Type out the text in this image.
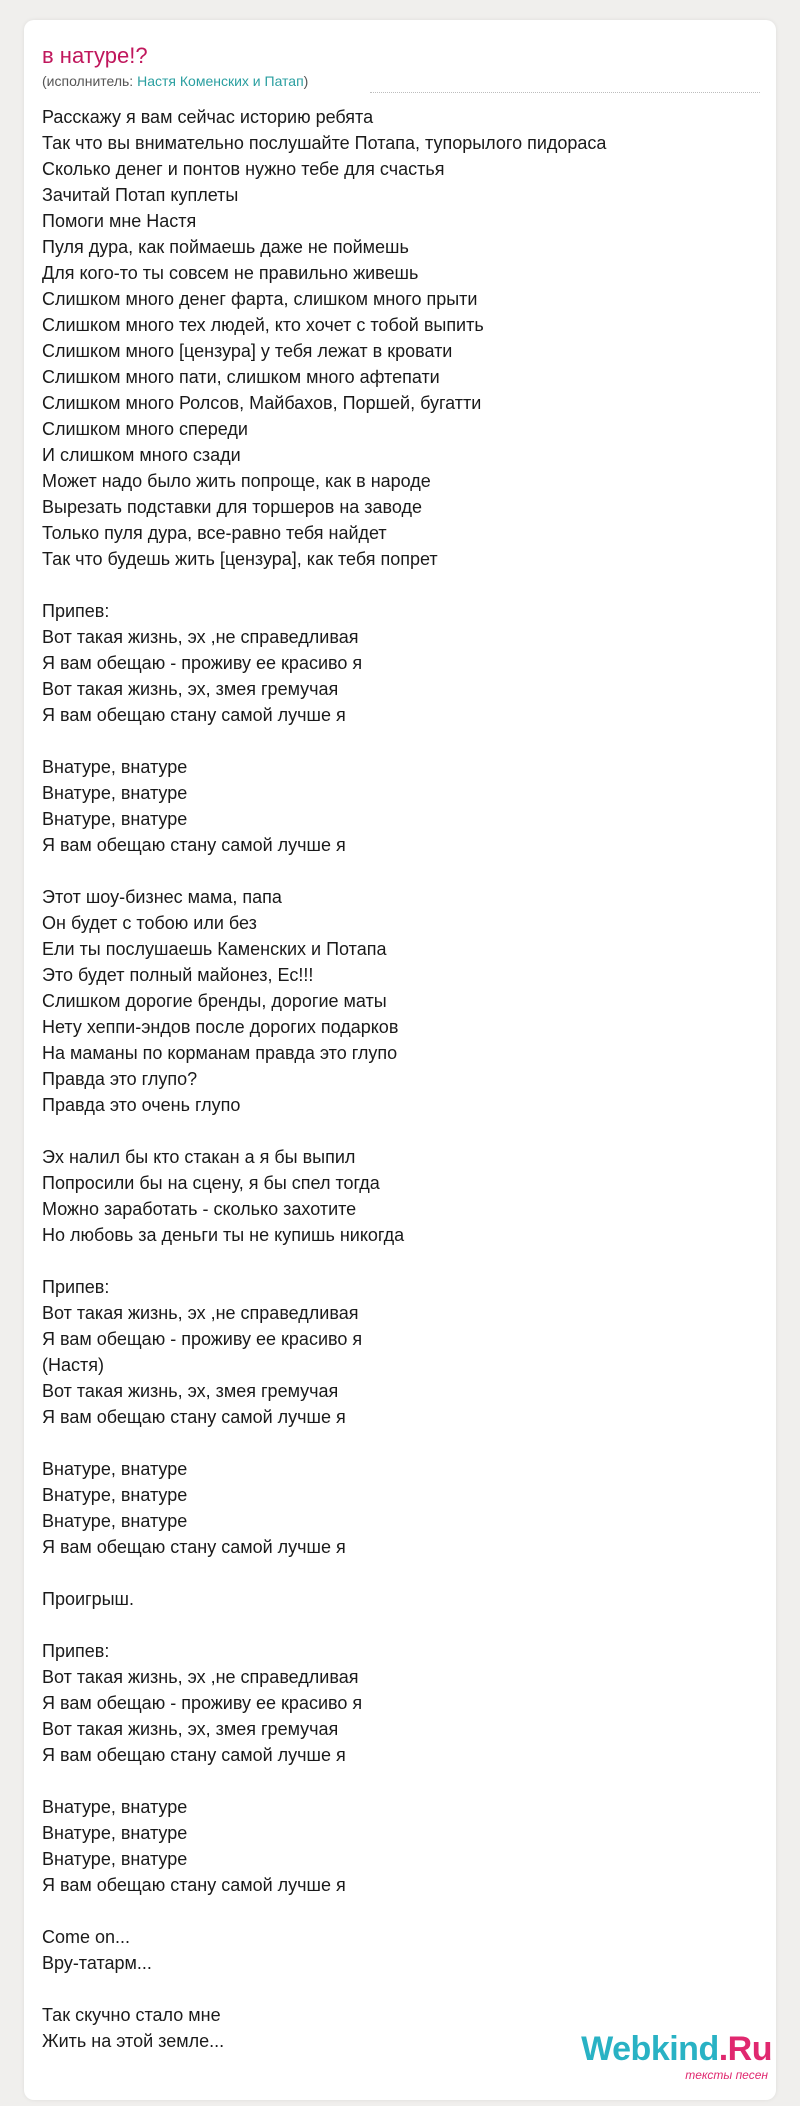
в натуре!?
(исполнитель: Настя Коменских и Патап)
Расскажу я вам сейчас историю ребята
Так что вы внимательно послушайте Потапа, тупорылого пидораса
Сколько денег и понтов нужно тебе для счастья
Зачитай Потап куплеты
Помоги мне Настя
Пуля дура, как поймаешь даже не поймешь
Для кого-то ты совсем не правильно живешь
Слишком много денег фарта, слишком много прыти
Слишком много тех людей, кто хочет с тобой выпить
Слишком много [цензура] у тебя лежат в кровати
Слишком много пати, слишком много афтепати
Слишком много Ролсов, Майбахов, Поршей, бугатти
Слишком много спереди
И слишком много сзади
Может надо было жить попроще, как в народе
Вырезать подставки для торшеров на заводе
Только пуля дура, все-равно тебя найдет
Так что будешь жить [цензура], как тебя попрет
Припев:
Вот такая жизнь, эх ,не справедливая
Я вам обещаю - проживу ее красиво я
Вот такая жизнь, эх, змея гремучая
Я вам обещаю стану самой лучше я
Внатуре, внатуре
Внатуре, внатуре
Внатуре, внатуре
Я вам обещаю стану самой лучше я
Этот шоу-бизнес мама, папа
Он будет с тобою или без
Ели ты послушаешь Каменских и Потапа
Это будет полный майонез, Ес!!!
Слишком дорогие бренды, дорогие маты
Нету хеппи-эндов после дорогих подарков
На маманы по корманам правда это глупо
Правда это глупо?
Правда это очень глупо
Эх налил бы кто стакан а я бы выпил
Попросили бы на сцену, я бы спел тогда
Можно заработать - сколько захотите
Но любовь за деньги ты не купишь никогда
Припев:
Вот такая жизнь, эх ,не справедливая
Я вам обещаю - проживу ее красиво я
(Настя)
Вот такая жизнь, эх, змея гремучая
Я вам обещаю стану самой лучше я
Внатуре, внатуре
Внатуре, внатуре
Внатуре, внатуре
Я вам обещаю стану самой лучше я
Проигрыш.
Припев:
Вот такая жизнь, эх ,не справедливая
Я вам обещаю - проживу ее красиво я
Вот такая жизнь, эх, змея гремучая
Я вам обещаю стану самой лучше я
Внатуре, внатуре
Внатуре, внатуре
Внатуре, внатуре
Я вам обещаю стану самой лучше я
Come on...
Вру-татарм...
Так скучно стало мне
Жить на этой земле...	Webkind.Ru
тексты песен
